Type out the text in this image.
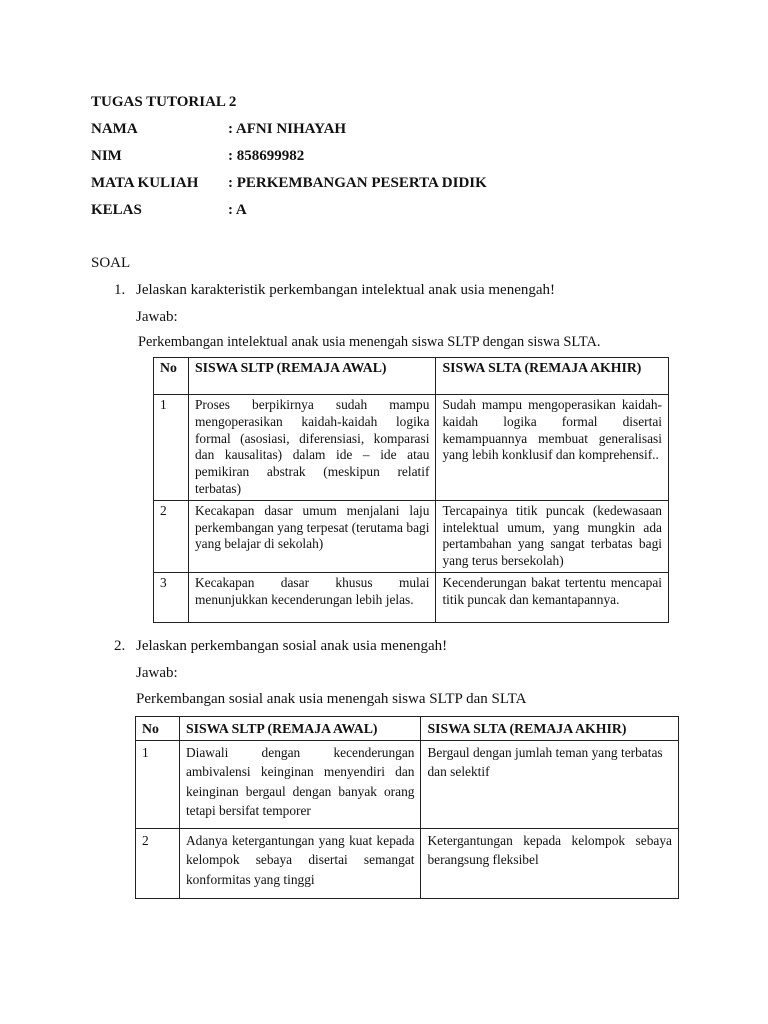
TUGAS TUTORIAL 2
NAMA	: AFNI NIHAYAH
NIM	: 858699982
MATA KULIAH : PERKEMBANGAN PESERTA DIDIK
KELAS	: A
SOAL
1. Jelaskan karakteristik perkembangan intelektual anak usia menengah!
Jawab:
Perkembangan intelektual anak usia menengah siswa SLTP dengan siswa SLTA.
No	SISWA SLTP (REMAJA AWAL)	SISWA SLTA (REMAJA AKHIR)
1	Proses berpikirnya sudah mampu mengoperasikan kaidah-kaidah logika formal (asosiasi, diferensiasi, komparasi dan kausalitas) dalam ide – ide atau pemikiran abstrak (meskipun relatif terbatas)	Sudah mampu mengoperasikan kaidah-kaidah logika formal disertai kemampuannya membuat generalisasi yang lebih konklusif dan komprehensif..
2	Kecakapan dasar umum menjalani laju perkembangan yang terpesat (terutama bagi yang belajar di sekolah)	Tercapainya titik puncak (kedewasaan intelektual umum, yang mungkin ada pertambahan yang sangat terbatas bagi yang terus bersekolah)
3	Kecakapan dasar khusus mulai menunjukkan kecenderungan lebih jelas.	Kecenderungan bakat tertentu mencapai titik puncak dan kemantapannya.
2. Jelaskan perkembangan sosial anak usia menengah!
Jawab:
Perkembangan sosial anak usia menengah siswa SLTP dan SLTA
No	SISWA SLTP (REMAJA AWAL)	SISWA SLTA (REMAJA AKHIR)
1	Diawali dengan kecenderungan ambivalensi keinginan menyendiri dan keinginan bergaul dengan banyak orang tetapi bersifat temporer	Bergaul dengan jumlah teman yang terbatas dan selektif
2	Adanya ketergantungan yang kuat kepada kelompok sebaya disertai semangat konformitas yang tinggi	Ketergantungan kepada kelompok sebaya berangsung fleksibel
